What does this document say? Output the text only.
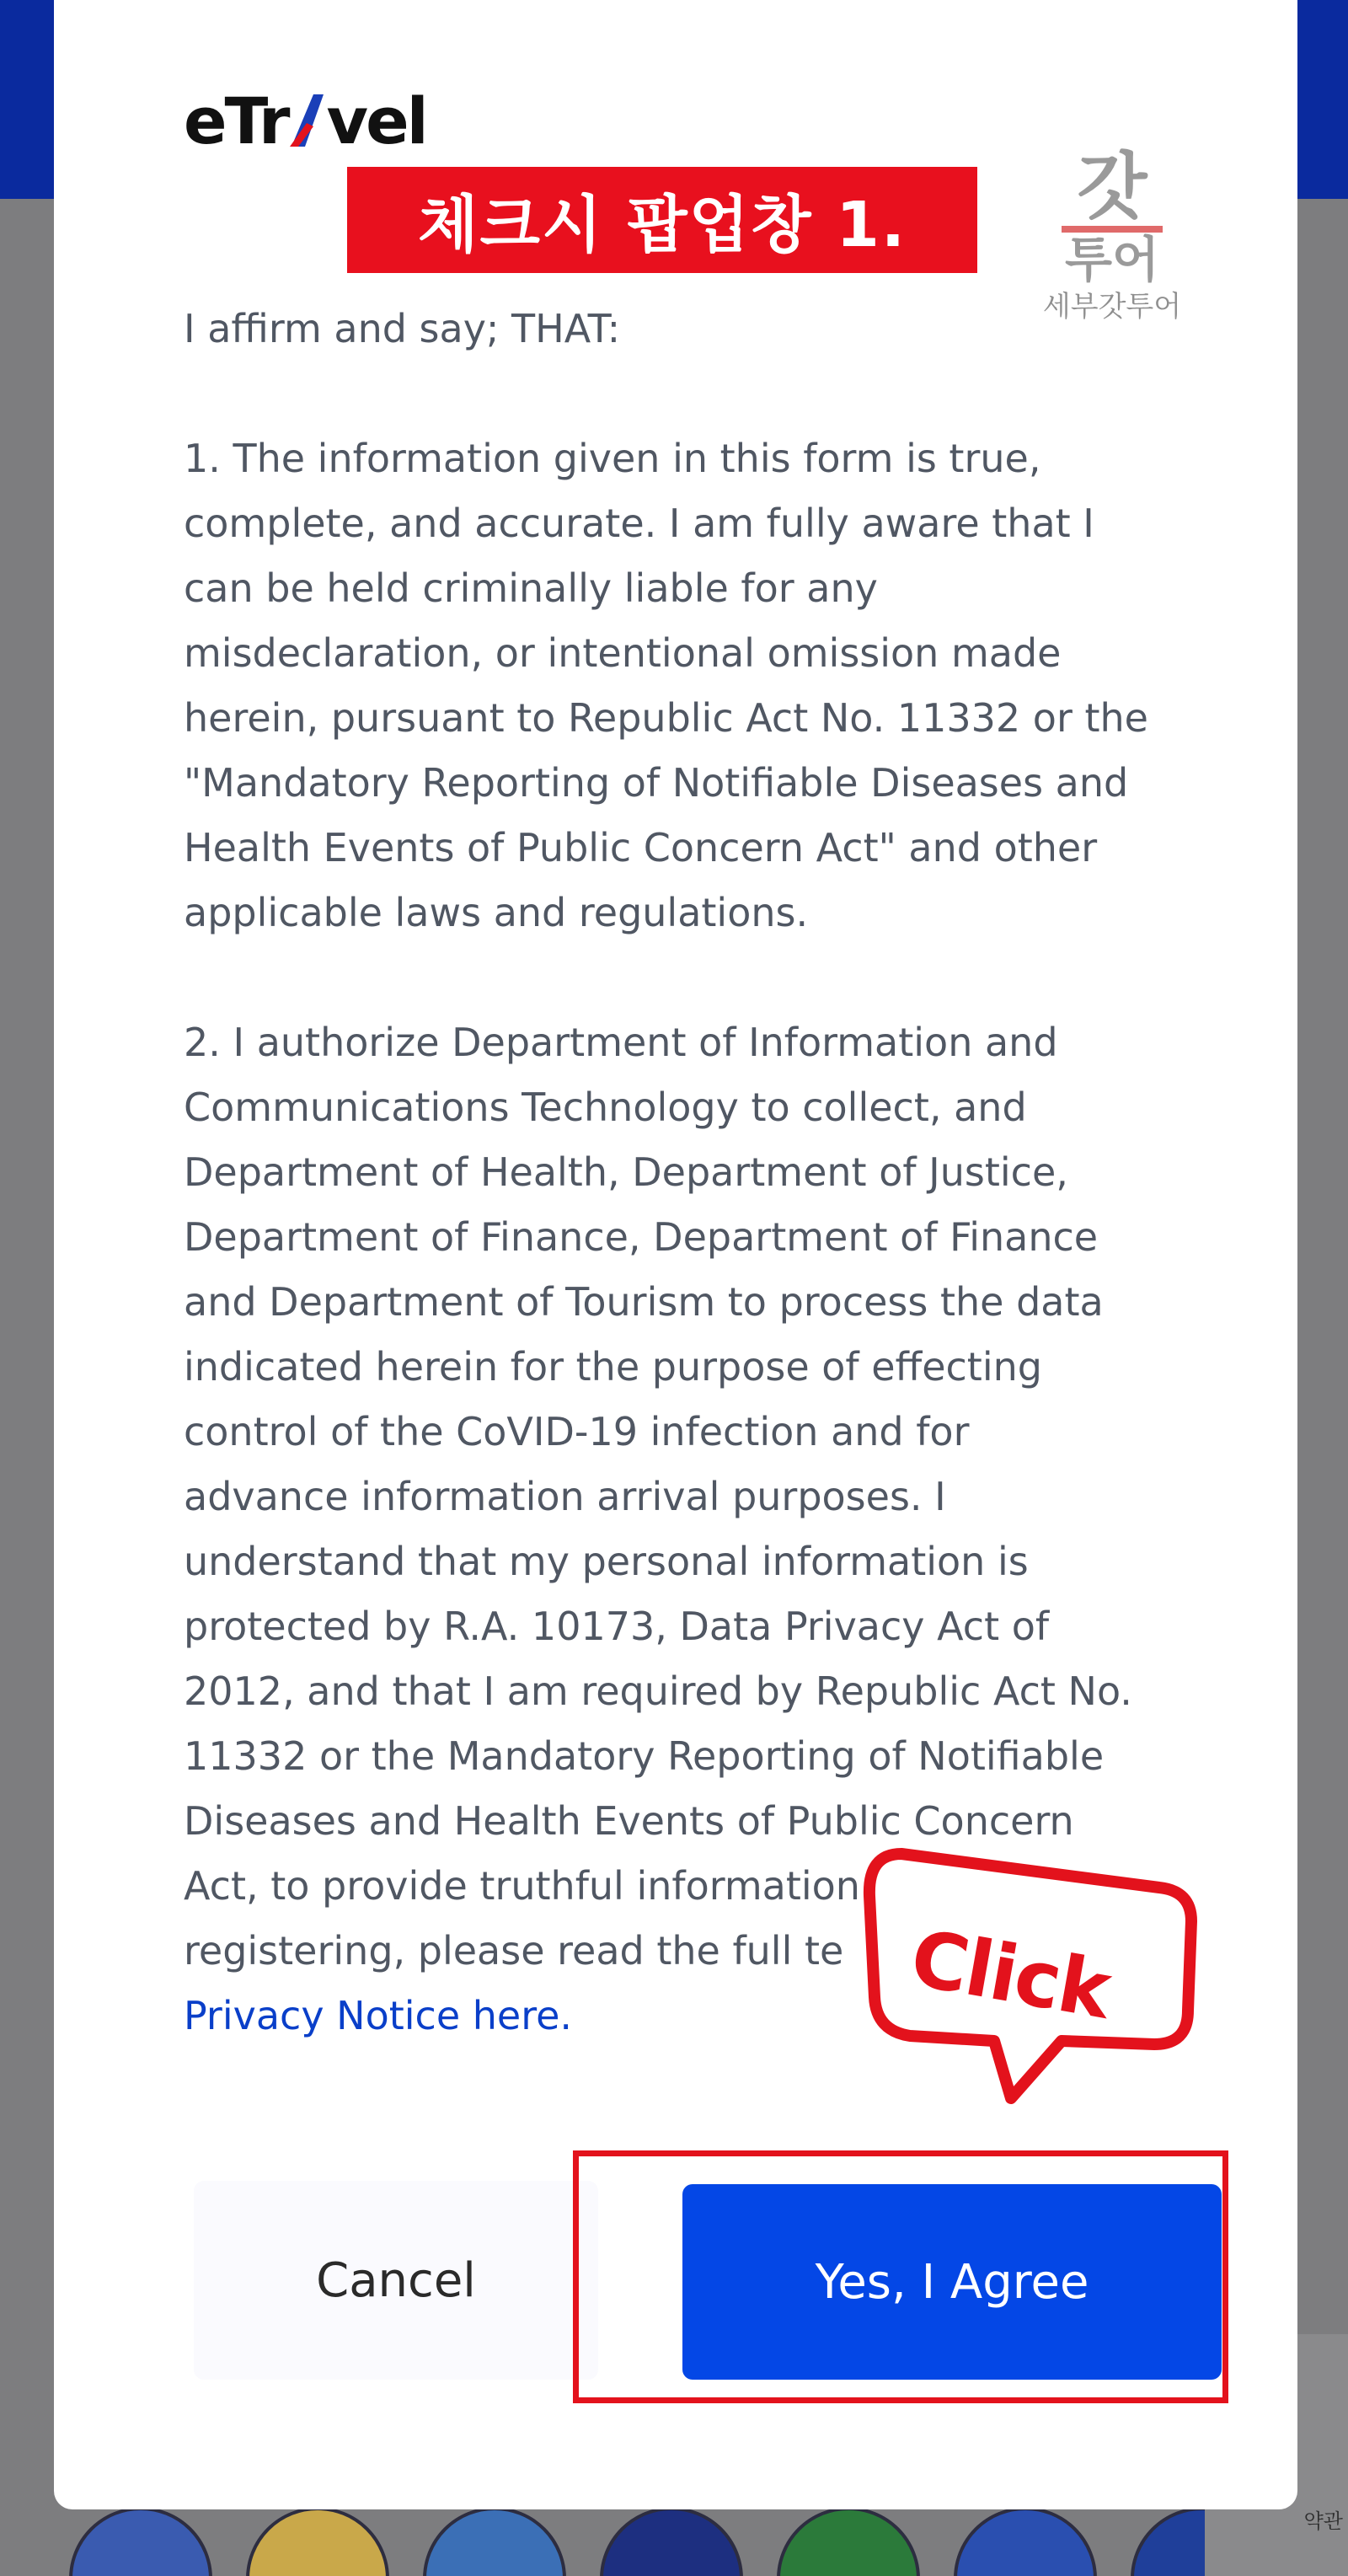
약관
eTr vel

I affirm and say; THAT:

1. The information given in this form is true,
complete, and accurate. I am fully aware that I
can be held criminally liable for any
misdeclaration, or intentional omission made
herein, pursuant to Republic Act No. 11332 or the
"Mandatory Reporting of Notifiable Diseases and
Health Events of Public Concern Act" and other
applicable laws and regulations.

2. I authorize Department of Information and
Communications Technology to collect, and
Department of Health, Department of Justice,
Department of Finance, Department of Finance
and Department of Tourism to process the data
indicated herein for the purpose of effecting
control of the CoVID-19 infection and for
advance information arrival purposes. I
understand that my personal information is
protected by R.A. 10173, Data Privacy Act of
2012, and that I am required by Republic Act No.
11332 or the Mandatory Reporting of Notifiable
Diseases and Health Events of Public Concern
Act, to provide truthful information
registering, please read the full te

Privacy Notice here.
Cancel	Yes, I Agree
체크시 팝업창 1.	갓
투어
세부갓투어
Click
